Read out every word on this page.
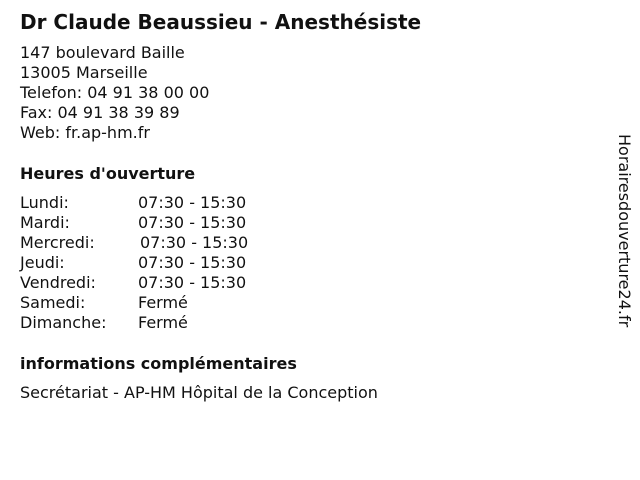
Dr Claude Beaussieu - Anesthésiste
147 boulevard Baille
13005 Marseille
Telefon: 04 91 38 00 00
Fax: 04 91 38 39 89
Web: fr.ap-hm.fr
Heures d'ouverture
Lundi:	07:30 - 15:30
Mardi:	07:30 - 15:30
Mercredi:	07:30 - 15:30
Jeudi:	07:30 - 15:30
Vendredi:	07:30 - 15:30
Samedi:	Fermé
Dimanche: Fermé
informations complémentaires
Secrétariat - AP-HM Hôpital de la Conception
Horairesdouverture24.fr
